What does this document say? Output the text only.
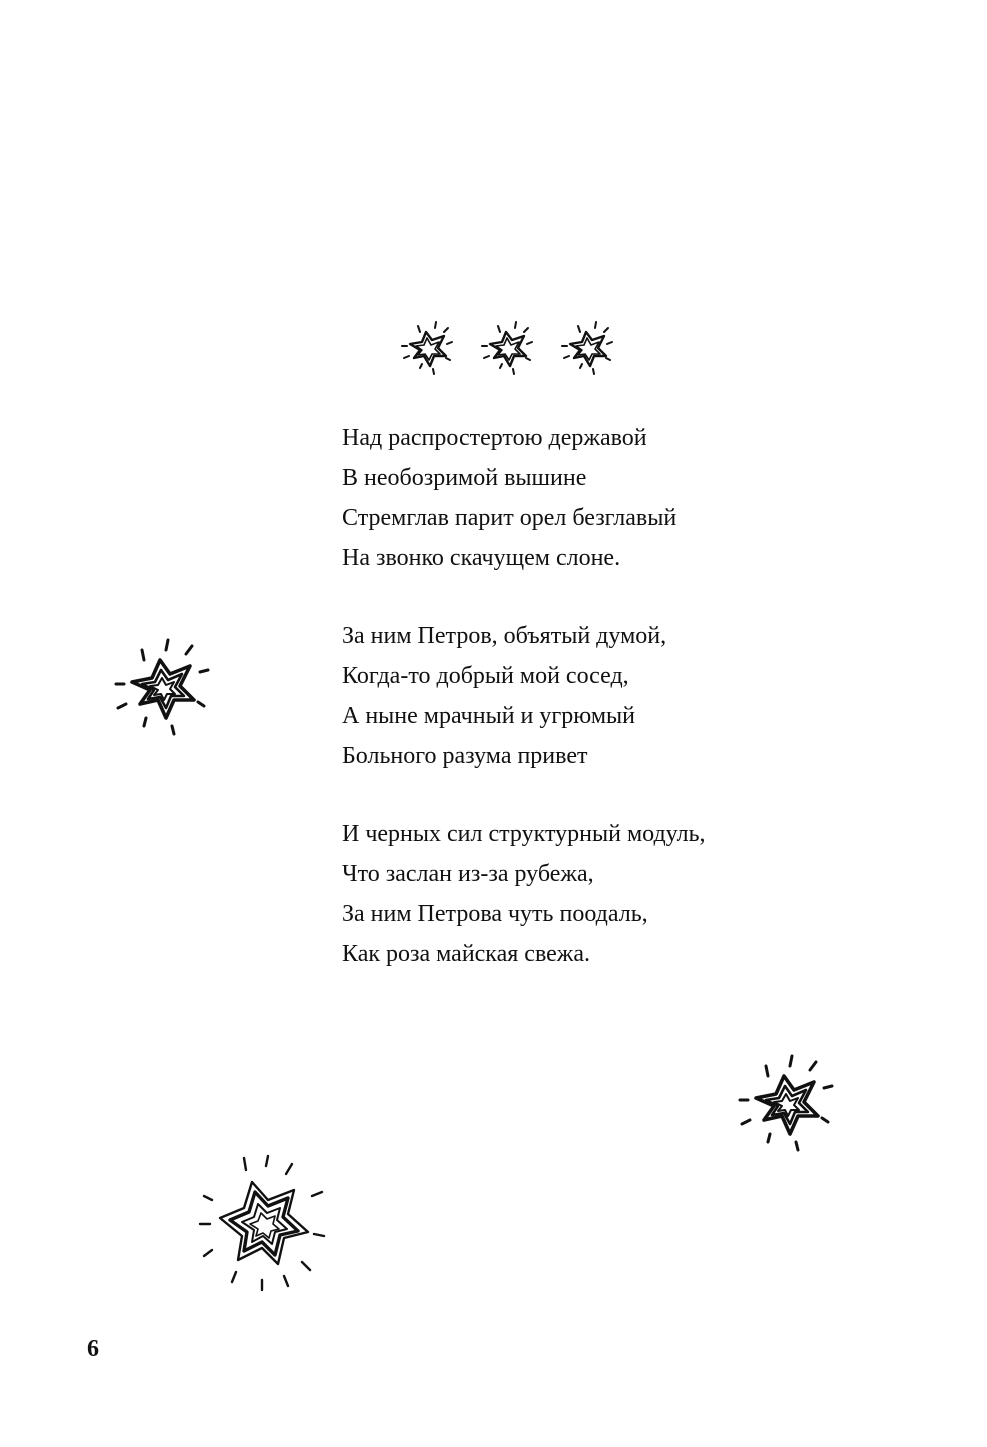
Над распростертою державой
В необозримой вышине
Стремглав парит орел безглавый
На звонко скачущем слоне.
За ним Петров, объятый думой,
Когда-то добрый мой сосед,
А ныне мрачный и угрюмый
Больного разума привет
И черных сил структурный модуль,
Что заслан из-за рубежа,
За ним Петрова чуть поодаль,
Как роза майская свежа.
6
